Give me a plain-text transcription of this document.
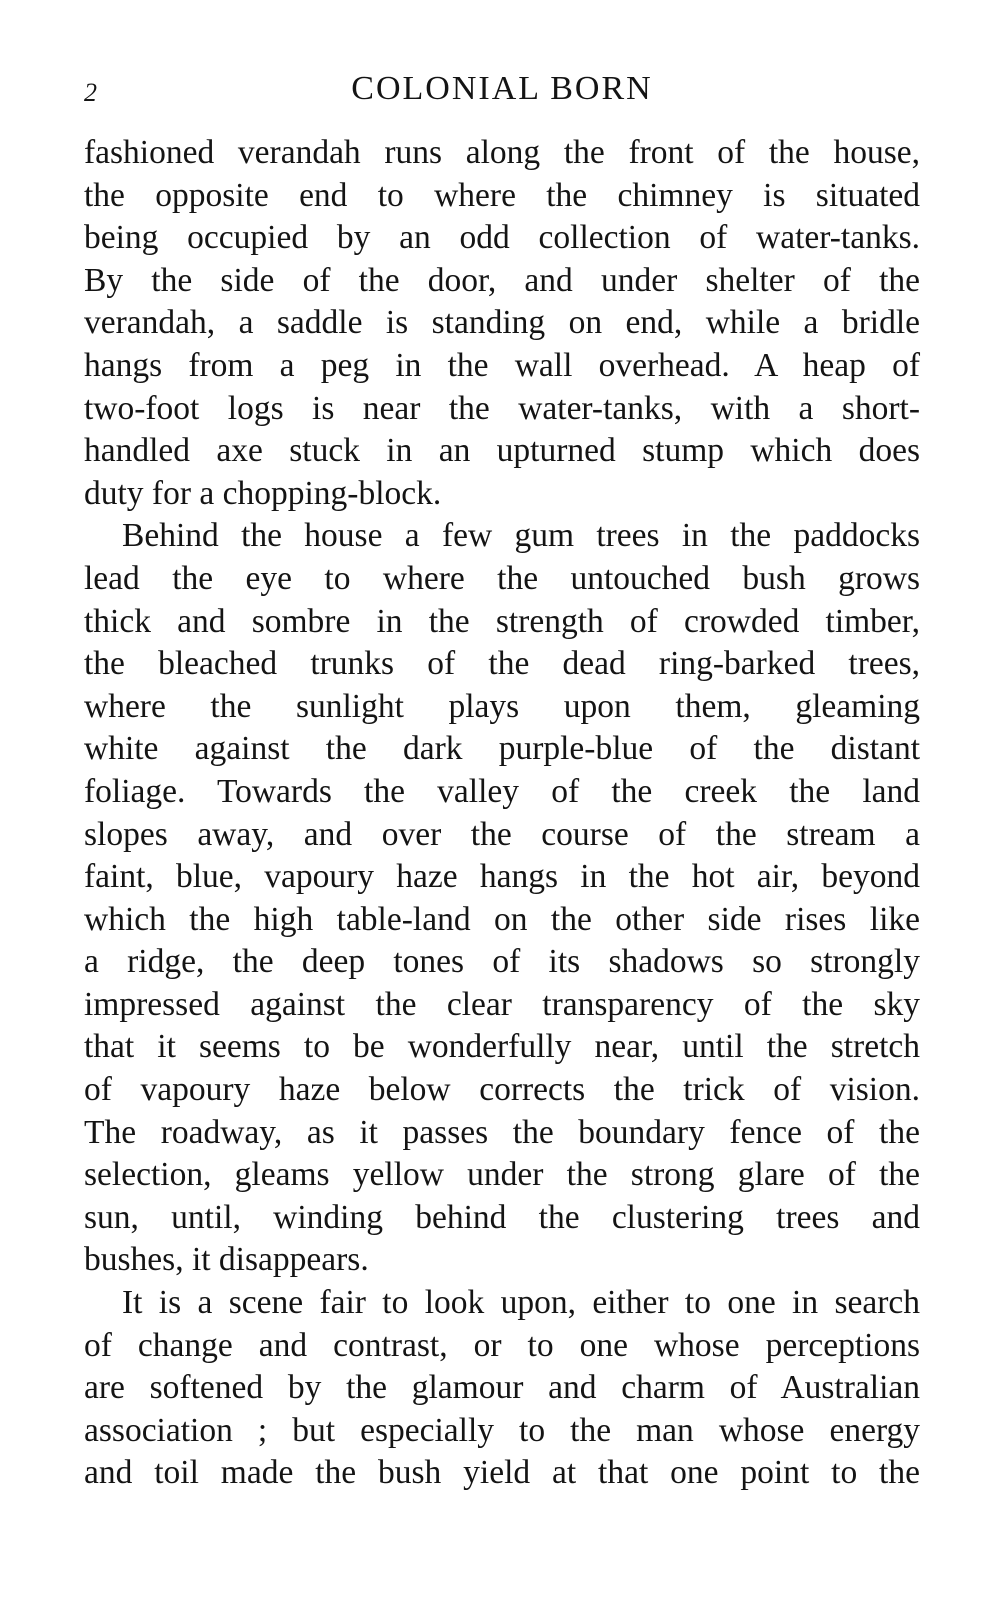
2	COLONIAL BORN
fashioned verandah runs along the front of the house,
the opposite end to where the chimney is situated
being occupied by an odd collection of water-tanks.
By the side of the door, and under shelter of the
verandah, a saddle is standing on end, while a bridle
hangs from a peg in the wall overhead. A heap of
two-foot logs is near the water-tanks, with a short-
handled axe stuck in an upturned stump which does
duty for a chopping-block.
Behind the house a few gum trees in the paddocks
lead the eye to where the untouched bush grows
thick and sombre in the strength of crowded timber,
the bleached trunks of the dead ring-barked trees,
where the sunlight plays upon them, gleaming
white against the dark purple-blue of the distant
foliage. Towards the valley of the creek the land
slopes away, and over the course of the stream a
faint, blue, vapoury haze hangs in the hot air, beyond
which the high table-land on the other side rises like
a ridge, the deep tones of its shadows so strongly
impressed against the clear transparency of the sky
that it seems to be wonderfully near, until the stretch
of vapoury haze below corrects the trick of vision.
The roadway, as it passes the boundary fence of the
selection, gleams yellow under the strong glare of the
sun, until, winding behind the clustering trees and
bushes, it disappears.
It is a scene fair to look upon, either to one in search
of change and contrast, or to one whose perceptions
are softened by the glamour and charm of Australian
association ; but especially to the man whose energy
and toil made the bush yield at that one point to the
